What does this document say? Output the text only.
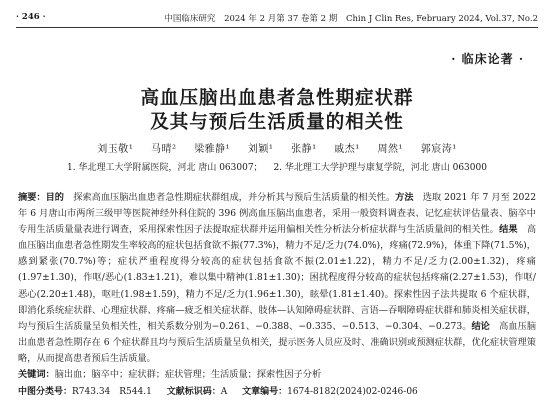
· 246 ·	中国临床研究 2024 年 2 月第 37 卷第 2 期 Chin J Clin Res, February 2024, Vol.37, No.2
· 临床论著 ·
高血压脑出血患者急性期症状群
及其与预后生活质量的相关性
刘玉敬¹ 马晴² 梁雅静¹ 刘颖¹ 张静¹ 戚杰¹ 周然¹ 郭宸涛¹
1. 华北理工大学附属医院，河北 唐山 063007； 2. 华北理工大学护理与康复学院，河北 唐山 063000

摘要：目的　 探索高血压脑出血患者急性期症状群组成，并分析其与预后生活质量的相关性。方法　 选取 2021 年 7 月至 2022 年 6 月唐山市两所三级甲等医院神经外科住院的 396 例高血压脑出血患者，采用一般资料调查表、记忆症状评估量表、脑卒中专用生活质量量表进行调查，采用探索性因子法提取症状群并运用偏相关性分析法分析症状群与生活质量间的相关性。结果　 高血压脑出血患者急性期发生率较高的症状包括食欲不振(77.3%)，精力不足/乏力(74.0%)，疼痛(72.9%)，体重下降(71.5%)，感到紧张(70.7%)等；症状严重程度得分较高的症状包括食欲不振(2.01±1.22)，精力不足/乏力(2.00±1.32)，疼痛(1.97±1.30)，作呕/恶心(1.83±1.21)，难以集中精神(1.81±1.30)；困扰程度得分较高的症状包括疼痛(2.27±1.53)，作呕/恶心(2.20±1.48)，呕吐(1.98±1.59)，精力不足/乏力(1.96±1.30)，眩晕(1.81±1.40)。探索性因子法共提取 6 个症状群，即消化系统症状群、心理症状群、疼痛—疲乏相关症状群、肢体—认知障碍症状群、言语—吞咽障碍症状群和肺炎相关症状群，均与预后生活质量呈负相关性，相关系数分别为−0.261、−0.388、−0.335、−0.513、−0.304、−0.273。结论　 高血压脑出血患者急性期存在 6 个症状群且均与预后生活质量呈负相关，提示医务人员应及时、准确识别或预测症状群，优化症状管理策略，从而提高患者预后生活质量。

关键词：脑出血；脑卒中；症状群；症状管理；生活质量；探索性因子分析
中图分类号：R743.34　R544.1 文献标识码：A 文章编号：1674-8182(2024)02-0246-06
